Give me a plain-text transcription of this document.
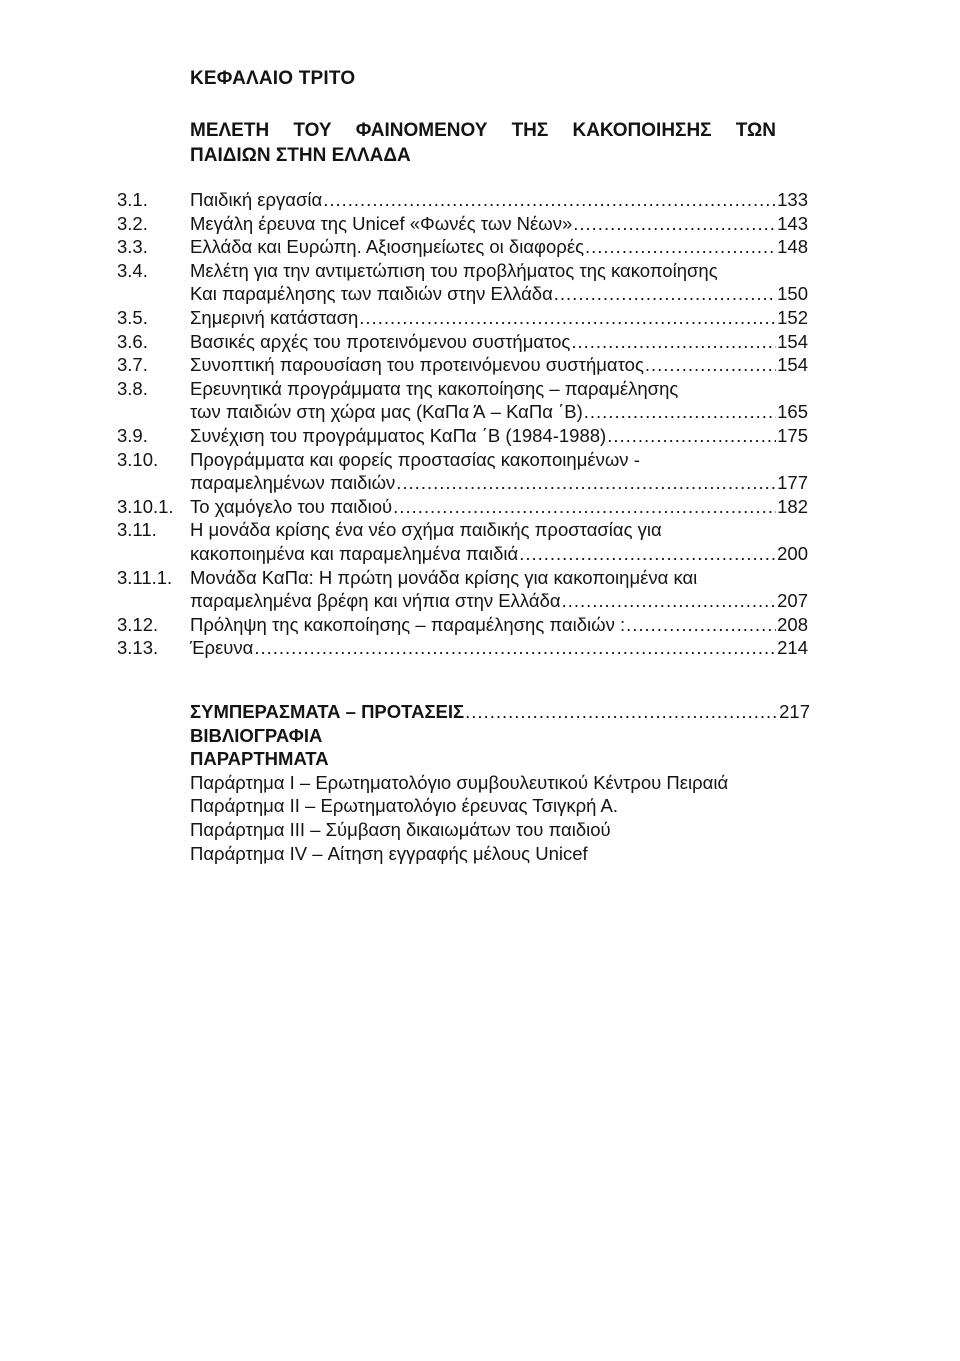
ΚΕΦΑΛΑΙΟ ΤΡΙΤΟ
ΜΕΛΕΤΗ ΤΟΥ ΦΑΙΝΟΜΕΝΟΥ ΤΗΣ ΚΑΚΟΠΟΙΗΣΗΣ ΤΩΝ
ΠΑΙΔΙΩΝ ΣΤΗΝ ΕΛΛΑΔΑ
3.1. Παιδική εργασία .....	133
3.2. Μεγάλη έρευνα της Unicef «Φωνές των Νέων» .....	143
3.3. Ελλάδα και Ευρώπη. Αξιοσημείωτες οι διαφορές .....	148
3.4. Μελέτη για την αντιμετώπιση του προβλήματος της κακοποίησης
Και παραμέλησης των παιδιών στην Ελλάδα .....	150
3.5. Σημερινή κατάσταση .....	152
3.6. Βασικές αρχές του προτεινόμενου συστήματος .....	154
3.7. Συνοπτική παρουσίαση του προτεινόμενου συστήματος .....	154
3.8. Ερευνητικά προγράμματα της κακοποίησης – παραμέλησης
των παιδιών στη χώρα μας (ΚαΠα Ά – ΚαΠα ΄Β) .....	165
3.9. Συνέχιση του προγράμματος ΚαΠα ΄Β (1984-1988) .....	175
3.10. Προγράμματα και φορείς προστασίας κακοποιημένων -
παραμελημένων παιδιών .....	177
3.10.1. Το χαμόγελο του παιδιού .....	182
3.11. Η μονάδα κρίσης ένα νέο σχήμα παιδικής προστασίας για
κακοποιημένα και παραμελημένα παιδιά .....	200
3.11.1. Μονάδα ΚαΠα: Η πρώτη μονάδα κρίσης για κακοποιημένα και
παραμελημένα βρέφη και νήπια στην Ελλάδα .....	207
3.12. Πρόληψη της κακοποίησης – παραμέλησης παιδιών : .....	208
3.13. Έρευνα .....	214
ΣΥΜΠΕΡΑΣΜΑΤΑ – ΠΡΟΤΑΣΕΙΣ .....	217
ΒΙΒΛΙΟΓΡΑΦΙΑ
ΠΑΡΑΡΤΗΜΑΤΑ
Παράρτημα Ι – Ερωτηματολόγιο συμβουλευτικού Κέντρου Πειραιά
Παράρτημα ΙΙ – Ερωτηματολόγιο έρευνας Τσιγκρή Α.
Παράρτημα ΙΙΙ – Σύμβαση δικαιωμάτων του παιδιού
Παράρτημα ΙV – Αίτηση εγγραφής μέλους Unicef
